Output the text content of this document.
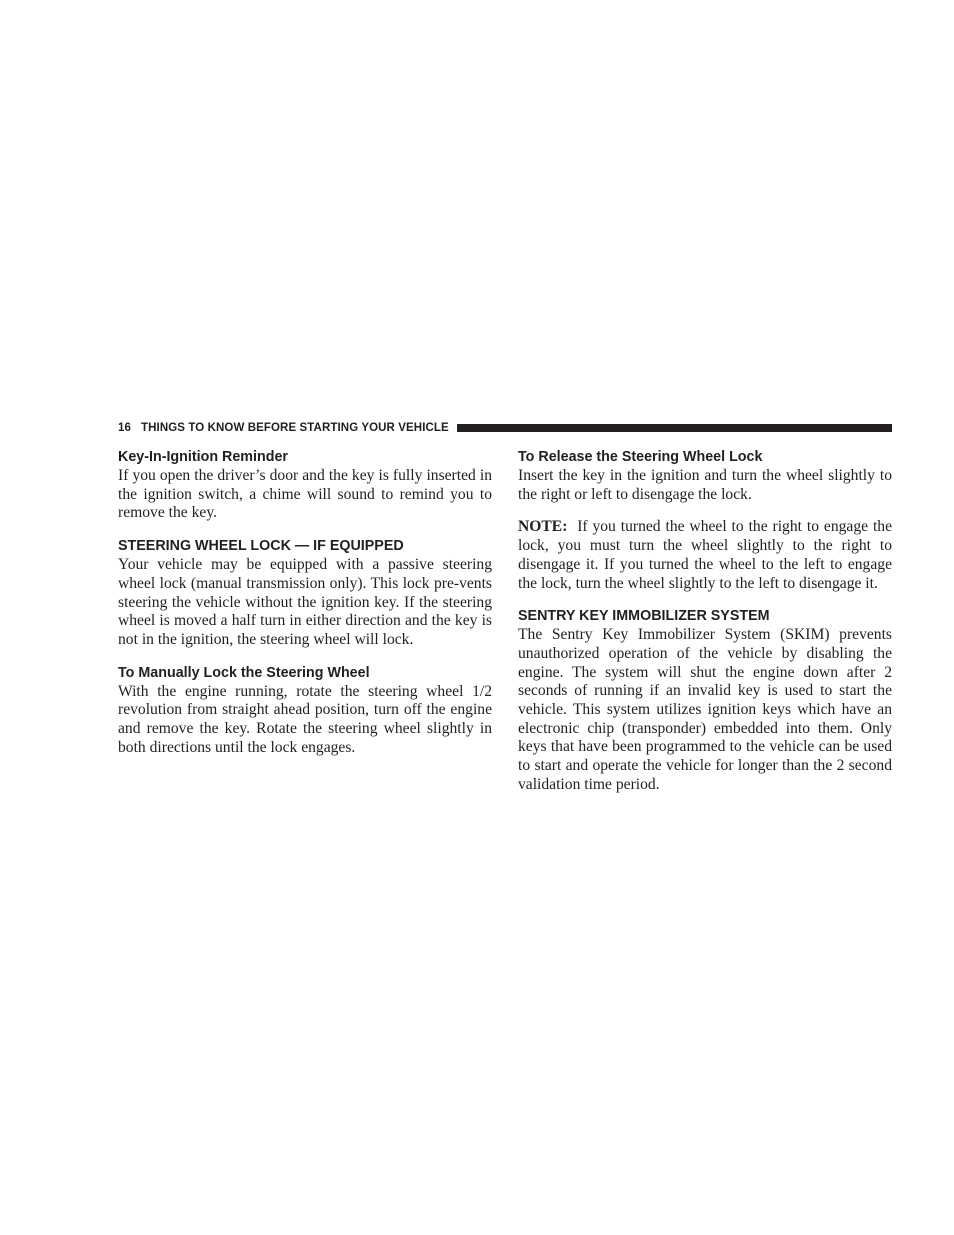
16 THINGS TO KNOW BEFORE STARTING YOUR VEHICLE
Key-In-Ignition Reminder

If you open the driver’s door and the key is fully inserted in the ignition switch, a chime will sound to remind you to remove the key.

STEERING WHEEL LOCK — IF EQUIPPED

Your vehicle may be equipped with a passive steering wheel lock (manual transmission only). This lock pre-vents steering the vehicle without the ignition key. If the steering wheel is moved a half turn in either direction and the key is not in the ignition, the steering wheel will lock.

To Manually Lock the Steering Wheel

With the engine running, rotate the steering wheel 1/2 revolution from straight ahead position, turn off the engine and remove the key. Rotate the steering wheel slightly in both directions until the lock engages.

To Release the Steering Wheel Lock

Insert the key in the ignition and turn the wheel slightly to the right or left to disengage the lock.

NOTE: If you turned the wheel to the right to engage the lock, you must turn the wheel slightly to the right to disengage it. If you turned the wheel to the left to engage the lock, turn the wheel slightly to the left to disengage it.

SENTRY KEY IMMOBILIZER SYSTEM

The Sentry Key Immobilizer System (SKIM) prevents unauthorized operation of the vehicle by disabling the engine. The system will shut the engine down after 2 seconds of running if an invalid key is used to start the vehicle. This system utilizes ignition keys which have an electronic chip (transponder) embedded into them. Only keys that have been programmed to the vehicle can be used to start and operate the vehicle for longer than the 2 second validation time period.
